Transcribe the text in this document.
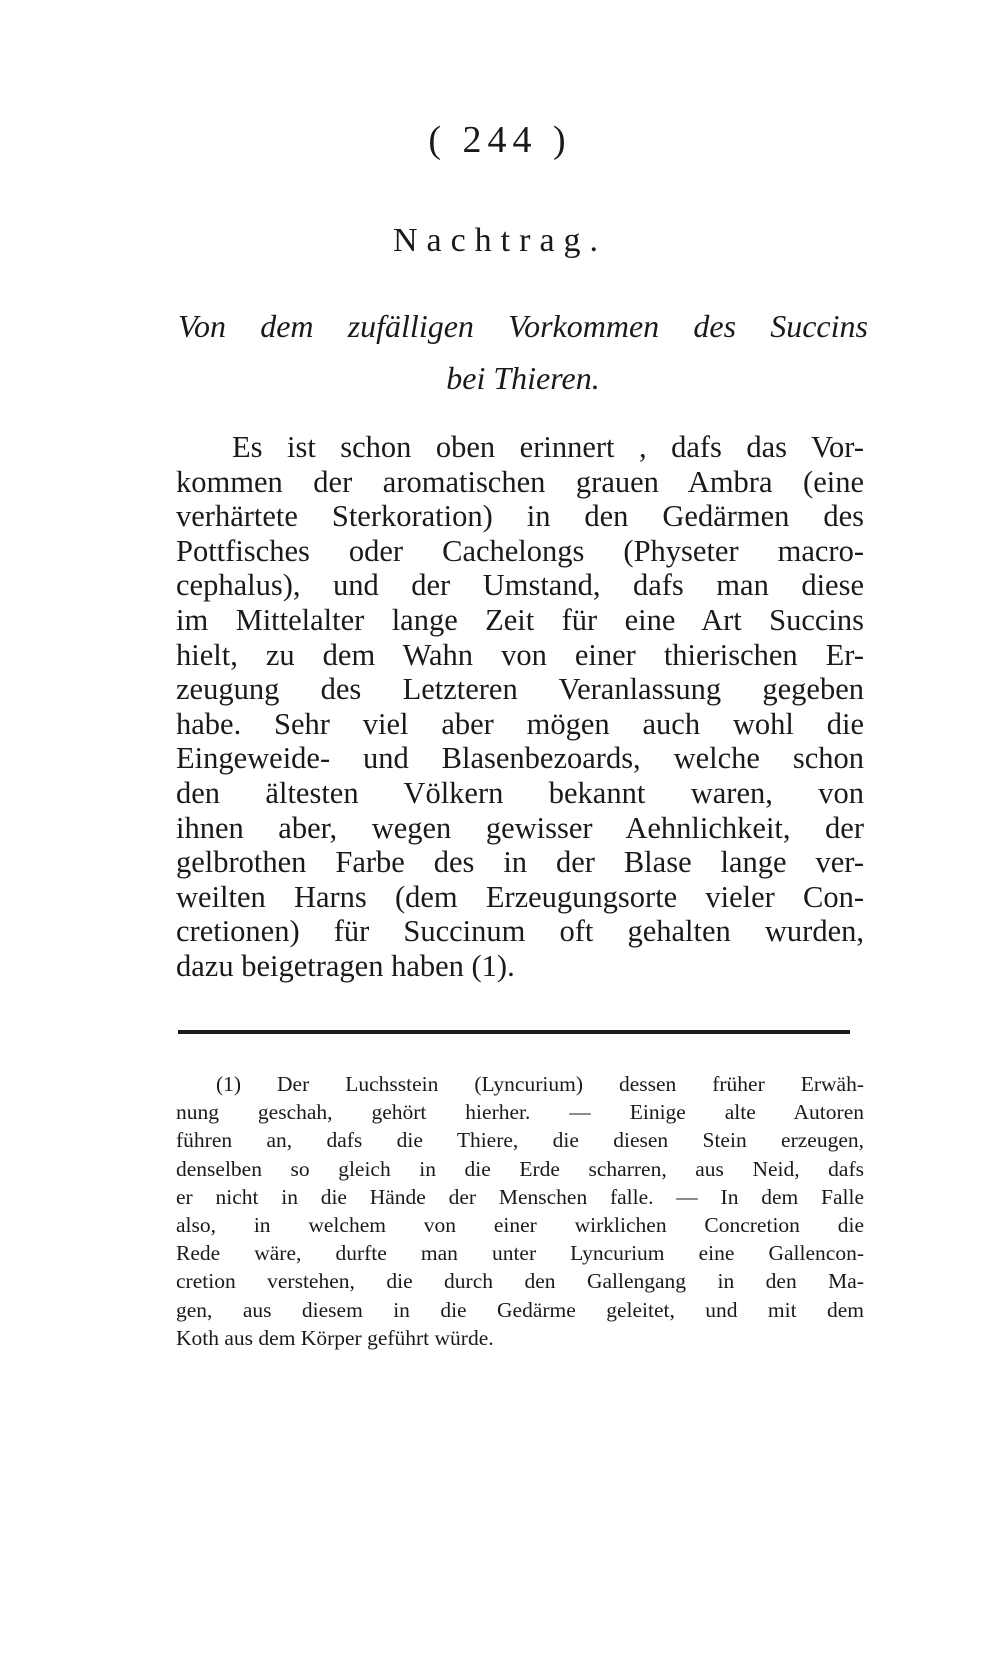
( 244 )
Nachtrag.
Von dem zufälligen Vorkommen des Succins
bei Thieren.
Es ist schon oben erinnert , dafs das Vor-
kommen der aromatischen grauen Ambra (eine
verhärtete Sterkoration) in den Gedärmen des
Pottfisches oder Cachelongs (Physeter macro-
cephalus), und der Umstand, dafs man diese
im Mittelalter lange Zeit für eine Art Succins
hielt, zu dem Wahn von einer thierischen Er-
zeugung des Letzteren Veranlassung gegeben
habe. Sehr viel aber mögen auch wohl die
Eingeweide- und Blasenbezoards, welche schon
den ältesten Völkern bekannt waren, von
ihnen aber, wegen gewisser Aehnlichkeit, der
gelbrothen Farbe des in der Blase lange ver-
weilten Harns (dem Erzeugungsorte vieler Con-
cretionen) für Succinum oft gehalten wurden,
dazu beigetragen haben (1).
(1) Der Luchsstein (Lyncurium) dessen früher Erwäh-
nung geschah, gehört hierher. — Einige alte Autoren
führen an, dafs die Thiere, die diesen Stein erzeugen,
denselben so gleich in die Erde scharren, aus Neid, dafs
er nicht in die Hände der Menschen falle. — In dem Falle
also, in welchem von einer wirklichen Concretion die
Rede wäre, durfte man unter Lyncurium eine Gallencon-
cretion verstehen, die durch den Gallengang in den Ma-
gen, aus diesem in die Gedärme geleitet, und mit dem
Koth aus dem Körper geführt würde.
